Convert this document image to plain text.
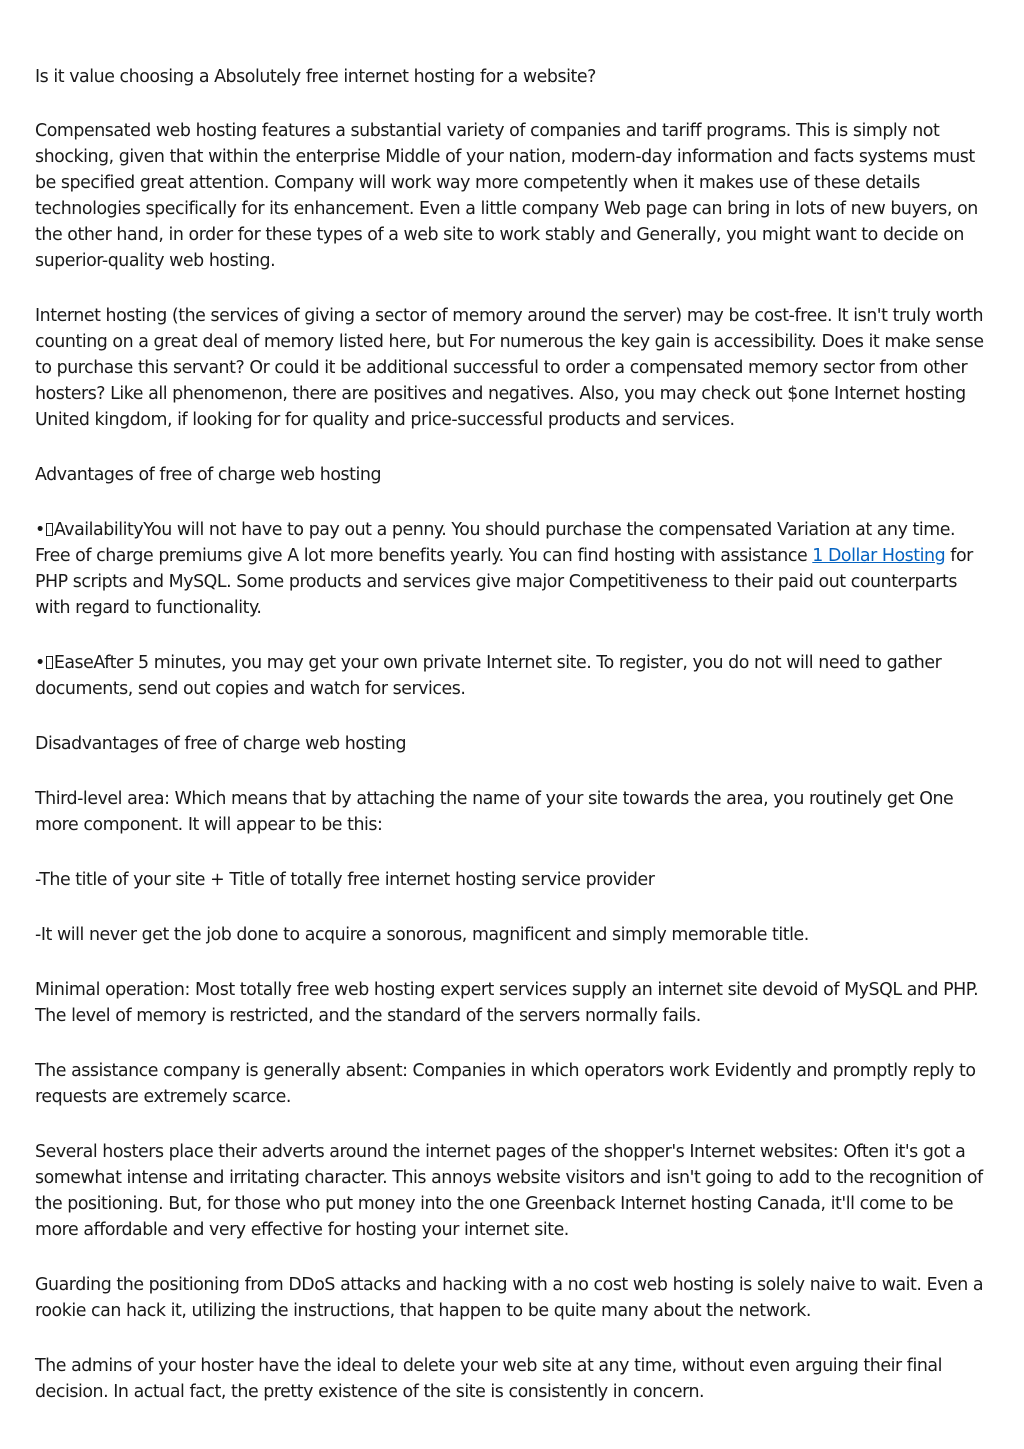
Is it value choosing a Absolutely free internet hosting for a website?

Compensated web hosting features a substantial variety of companies and tariff programs. This is simply not shocking, given that within the enterprise Middle of your nation, modern-day information and facts systems must be specified great attention. Company will work way more competently when it makes use of these details technologies specifically for its enhancement. Even a little company Web page can bring in lots of new buyers, on the other hand, in order for these types of a web site to work stably and Generally, you might want to decide on superior-quality web hosting.

Internet hosting (the services of giving a sector of memory around the server) may be cost-free. It isn't truly worth counting on a great deal of memory listed here, but For numerous the key gain is accessibility. Does it make sense to purchase this servant? Or could it be additional successful to order a compensated memory sector from other hosters? Like all phenomenon, there are positives and negatives. Also, you may check out $one Internet hosting United kingdom, if looking for for quality and price-successful products and services.

Advantages of free of charge web hosting

• AvailabilityYou will not have to pay out a penny. You should purchase the compensated Variation at any time. Free of charge premiums give A lot more benefits yearly. You can find hosting with assistance 1 Dollar Hosting for PHP scripts and MySQL. Some products and services give major Competitiveness to their paid out counterparts with regard to functionality.

• EaseAfter 5 minutes, you may get your own private Internet site. To register, you do not will need to gather documents, send out copies and watch for services.

Disadvantages of free of charge web hosting

Third-level area: Which means that by attaching the name of your site towards the area, you routinely get One more component. It will appear to be this:

-The title of your site + Title of totally free internet hosting service provider

-It will never get the job done to acquire a sonorous, magnificent and simply memorable title.

Minimal operation: Most totally free web hosting expert services supply an internet site devoid of MySQL and PHP. The level of memory is restricted, and the standard of the servers normally fails.

The assistance company is generally absent: Companies in which operators work Evidently and promptly reply to requests are extremely scarce.

Several hosters place their adverts around the internet pages of the shopper's Internet websites: Often it's got a somewhat intense and irritating character. This annoys website visitors and isn't going to add to the recognition of the positioning. But, for those who put money into the one Greenback Internet hosting Canada, it'll come to be more affordable and very effective for hosting your internet site.

Guarding the positioning from DDoS attacks and hacking with a no cost web hosting is solely naive to wait. Even a rookie can hack it, utilizing the instructions, that happen to be quite many about the network.

The admins of your hoster have the ideal to delete your web site at any time, without even arguing their final decision. In actual fact, the pretty existence of the site is consistently in concern.
